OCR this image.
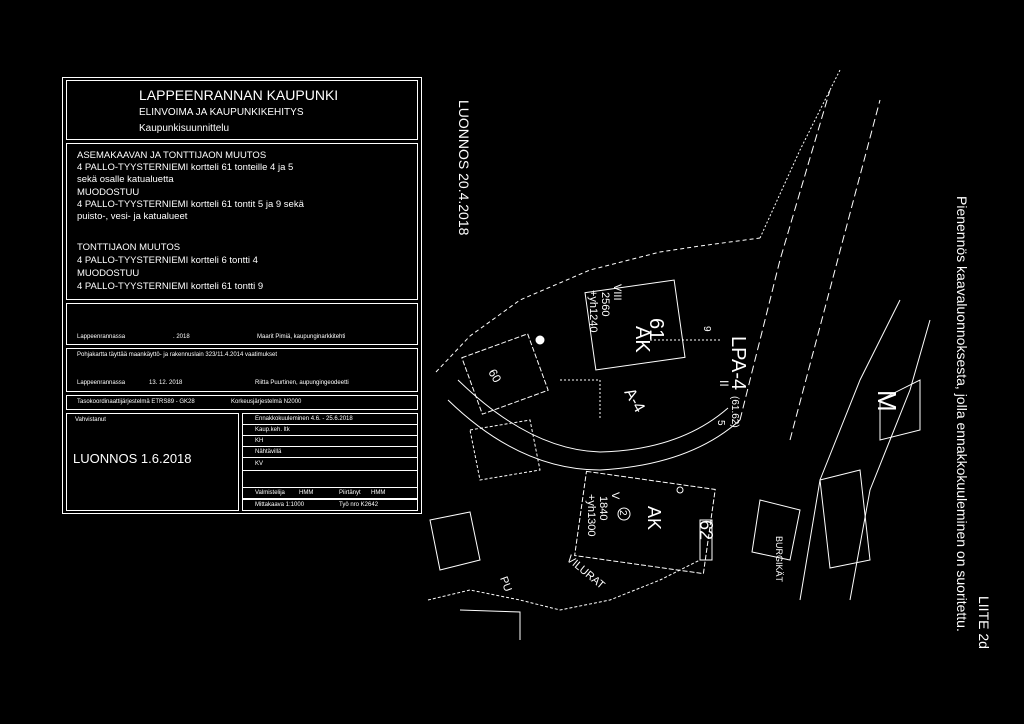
LAPPEENRANNAN KAUPUNKI
ELINVOIMA JA KAUPUNKIKEHITYS
Kaupunkisuunnittelu
ASEMAKAAVAN JA TONTTIJAON MUUTOS
4 PALLO-TYYSTERNIEMI kortteli 61 tonteille 4 ja 5
sekä osalle katualuetta
MUODOSTUU
4 PALLO-TYYSTERNIEMI kortteli 61 tontit 5 ja 9 sekä
puisto-, vesi- ja katualueet
TONTTIJAON MUUTOS
4 PALLO-TYYSTERNIEMI kortteli 6 tontti 4
MUODOSTUU
4 PALLO-TYYSTERNIEMI kortteli 61 tontti 9
Lappeenrannassa	. 2018	Maarit Pimiä, kaupunginarkkitehti
Pohjakartta täyttää maankäyttö- ja rakennuslain 323/11.4.2014 vaatimukset
Lappeenrannassa	13. 12. 2018	Riitta Puurtinen, aupungingeodeetti
Tasokoordinaattijärjestelmä ETRS89 - GK28	Korkeusjärjestelmä N2000
Vahvistanut
LUONNOS 1.6.2018
Ennakkokuuleminen 4.6. - 25.6.2018
Kaup.keh. ltk
KH
Nähtävillä
KV
Valmistelija HMM	Piirtänyt HMM
Mittakaava 1:1000	Työ nro K2642
LUONNOS 20.4.2018
Pienennös kaavaluonnoksesta, jolla ennakkokuuleminen on suoritettu. LIITE 2d
LPA-4
(61.62)
61
AK
VIII
2560
+yh1240
A-4
AK
V
1840
+yh1300	62
VILURAT
PU
BURGIKÄT
M
II
2
60
5
9
